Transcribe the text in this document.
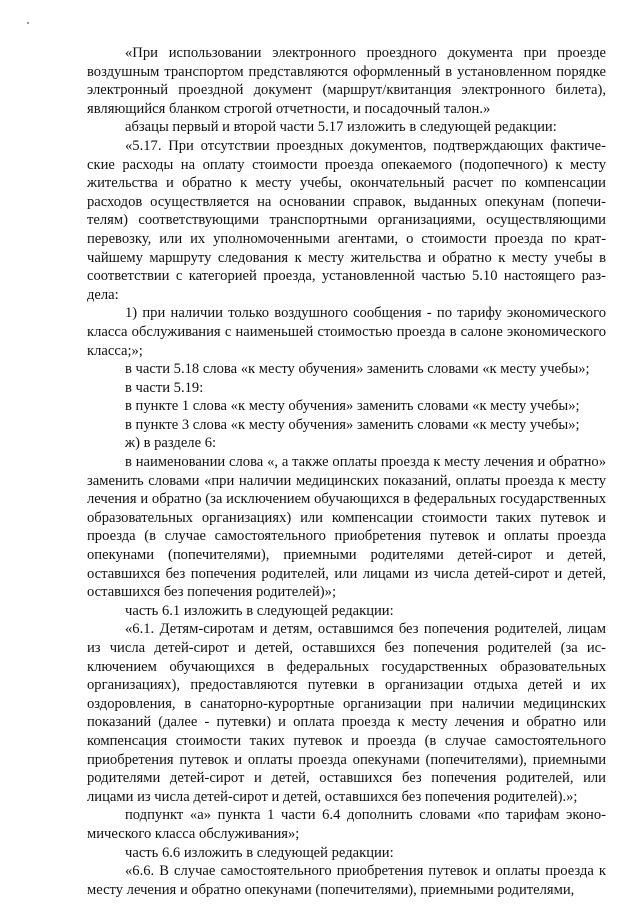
«При использовании электронного проездного документа при проезде воздушным транспортом представляются оформленный в установленном порядке электронный проездной документ (маршрут/квитанция электронного билета), являющийся бланком строгой отчетности, и посадочный талон.»

абзацы первый и второй части 5.17 изложить в следующей редакции:

«5.17. При отсутствии проездных документов, подтверждающих фактические расходы на оплату стоимости проезда опекаемого (подопечного) к месту жительства и обратно к месту учебы, окончательный расчет по компенсации расходов осуществляется на основании справок, выданных опекунам (попечителям) соответствующими транспортными организациями, осуществляющими перевозку, или их уполномоченными агентами, о стоимости проезда по кратчайшему маршруту следования к месту жительства и обратно к месту учебы в соответствии с категорией проезда, установленной частью 5.10 настоящего раздела:

1) при наличии только воздушного сообщения - по тарифу экономического класса обслуживания с наименьшей стоимостью проезда в салоне экономического класса;»;

в части 5.18 слова «к месту обучения» заменить словами «к месту учебы»;

в части 5.19:

в пункте 1 слова «к месту обучения» заменить словами «к месту учебы»;

в пункте 3 слова «к месту обучения» заменить словами «к месту учебы»;

ж) в разделе 6:

в наименовании слова «, а также оплаты проезда к месту лечения и обратно» заменить словами «при наличии медицинских показаний, оплаты проезда к месту лечения и обратно (за исключением обучающихся в федеральных государственных образовательных организациях) или компенсации стоимости таких путевок и проезда (в случае самостоятельного приобретения путевок и оплаты проезда опекунами (попечителями), приемными родителями детей-сирот и детей, оставшихся без попечения родителей, или лицами из числа детей-сирот и детей, оставшихся без попечения родителей)»;

часть 6.1 изложить в следующей редакции:

«6.1. Детям-сиротам и детям, оставшимся без попечения родителей, лицам из числа детей-сирот и детей, оставшихся без попечения родителей (за исключением обучающихся в федеральных государственных образовательных организациях), предоставляются путевки в организации отдыха детей и их оздоровления, в санаторно-курортные организации при наличии медицинских показаний (далее - путевки) и оплата проезда к месту лечения и обратно или компенсация стоимости таких путевок и проезда (в случае самостоятельного приобретения путевок и оплаты проезда опекунами (попечителями), приемными родителями детей-сирот и детей, оставшихся без попечения родителей, или лицами из числа детей-сирот и детей, оставшихся без попечения родителей).»;

подпункт «а» пункта 1 части 6.4 дополнить словами «по тарифам экономического класса обслуживания»;

часть 6.6 изложить в следующей редакции:

«6.6. В случае самостоятельного приобретения путевок и оплаты проезда к месту лечения и обратно опекунами (попечителями), приемными родителями,
